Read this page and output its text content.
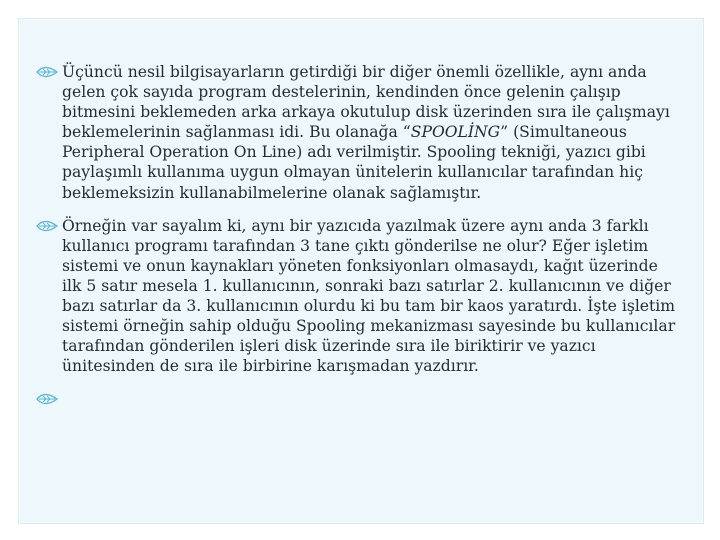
Üçüncü nesil bilgisayarların getirdiği bir diğer önemli özellikle, aynı anda gelen çok sayıda program destelerinin, kendinden önce gelenin çalışıp bitmesini beklemeden arka arkaya okutulup disk üzerinden sıra ile çalışmayı beklemelerinin sağlanması idi. Bu olanağa “SPOOLİNG” (Simultaneous Peripheral Operation On Line) adı verilmiştir. Spooling tekniği, yazıcı gibi paylaşımlı kullanıma uygun olmayan ünitelerin kullanıcılar tarafından hiç beklemeksizin kullanabilmelerine olanak sağlamıştır.

Örneğin var sayalım ki, aynı bir yazıcıda yazılmak üzere aynı anda 3 farklı kullanıcı programı tarafından 3 tane çıktı gönderilse ne olur? Eğer işletim sistemi ve onun kaynakları yöneten fonksiyonları olmasaydı, kağıt üzerinde ilk 5 satır mesela 1. kullanıcının, sonraki bazı satırlar 2. kullanıcının ve diğer bazı satırlar da 3. kullanıcının olurdu ki bu tam bir kaos yaratırdı. İşte işletim sistemi örneğin sahip olduğu Spooling mekanizması sayesinde bu kullanıcılar tarafından gönderilen işleri disk üzerinde sıra ile biriktirir ve yazıcı ünitesinden de sıra ile birbirine karışmadan yazdırır.
